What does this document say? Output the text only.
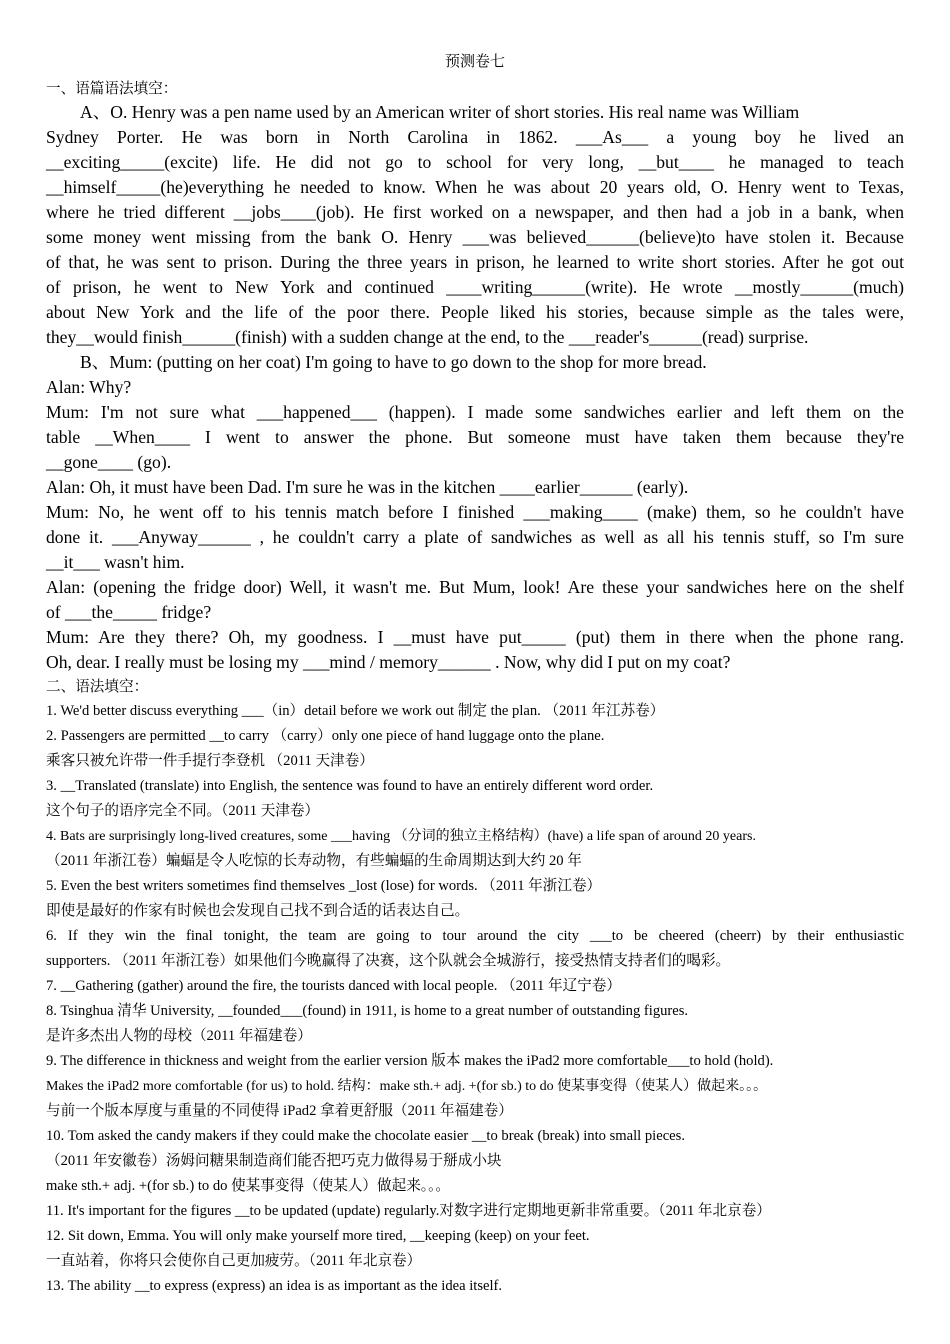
预测卷七
一、语篇语法填空：
A、O. Henry was a pen name used by an American writer of short stories. His real name was William
Sydney Porter. He was born in North Carolina in 1862. ___As___ a young boy he lived an
__exciting_____(excite) life. He did not go to school for very long, __but____ he managed to teach
__himself_____(he)everything he needed to know. When he was about 20 years old, O. Henry went to Texas,
where he tried different __jobs____(job). He first worked on a newspaper, and then had a job in a bank, when
some money went missing from the bank O. Henry ___was believed______(believe)to have stolen it. Because
of that, he was sent to prison. During the three years in prison, he learned to write short stories. After he got out
of prison, he went to New York and continued ____writing______(write). He wrote __mostly______(much)
about New York and the life of the poor there. People liked his stories, because simple as the tales were,
they__would finish______(finish) with a sudden change at the end, to the ___reader's______(read) surprise.
B、Mum: (putting on her coat) I'm going to have to go down to the shop for more bread.
Alan: Why?
Mum: I'm not sure what ___happened___ (happen). I made some sandwiches earlier and left them on the
table __When____ I went to answer the phone. But someone must have taken them because they're
__gone____ (go).
Alan: Oh, it must have been Dad. I'm sure he was in the kitchen ____earlier______ (early).
Mum: No, he went off to his tennis match before I finished ___making____ (make) them, so he couldn't have
done it. ___Anyway______ , he couldn't carry a plate of sandwiches as well as all his tennis stuff, so I'm sure
__it___ wasn't him.
Alan: (opening the fridge door) Well, it wasn't me. But Mum, look! Are these your sandwiches here on the shelf
of ___the_____ fridge?
Mum: Are they there? Oh, my goodness. I __must have put_____ (put) them in there when the phone rang.
Oh, dear. I really must be losing my ___mind / memory______ . Now, why did I put on my coat?
二、语法填空：
1. We'd better discuss everything ___（in）detail before we work out 制定 the plan. （2011 年江苏卷）
2. Passengers are permitted __to carry （carry）only one piece of hand luggage onto the plane.
乘客只被允许带一件手提行李登机 （2011 天津卷）
3. __Translated (translate) into English, the sentence was found to have an entirely different word order.
这个句子的语序完全不同。（2011 天津卷）
4. Bats are surprisingly long-lived creatures, some ___having （分词的独立主格结构）(have) a life span of around 20 years.
（2011 年浙江卷）蝙蝠是令人吃惊的长寿动物，有些蝙蝠的生命周期达到大约 20 年
5. Even the best writers sometimes find themselves _lost (lose) for words. （2011 年浙江卷）
即使是最好的作家有时候也会发现自己找不到合适的话表达自己。
6. If they win the final tonight, the team are going to tour around the city ___to be cheered (cheerr) by their enthusiastic
supporters. （2011 年浙江卷）如果他们今晚赢得了决赛，这个队就会全城游行，接受热情支持者们的喝彩。
7. __Gathering (gather) around the fire, the tourists danced with local people. （2011 年辽宁卷）
8. Tsinghua 清华 University, __founded___(found) in 1911, is home to a great number of outstanding figures.
是许多杰出人物的母校（2011 年福建卷）
9. The difference in thickness and weight from the earlier version 版本 makes the iPad2 more comfortable___to hold (hold).
Makes the iPad2 more comfortable (for us) to hold. 结构：make sth.+ adj. +(for sb.) to do 使某事变得（使某人）做起来。。。
与前一个版本厚度与重量的不同使得 iPad2 拿着更舒服（2011 年福建卷）
10. Tom asked the candy makers if they could make the chocolate easier __to break (break) into small pieces.
（2011 年安徽卷）汤姆问糖果制造商们能否把巧克力做得易于掰成小块
make sth.+ adj. +(for sb.) to do 使某事变得（使某人）做起来。。。
11. It's important for the figures __to be updated (update) regularly.对数字进行定期地更新非常重要。（2011 年北京卷）
12. Sit down, Emma. You will only make yourself more tired, __keeping (keep) on your feet.
一直站着，你将只会使你自己更加疲劳。（2011 年北京卷）
13. The ability __to express (express) an idea is as important as the idea itself.
